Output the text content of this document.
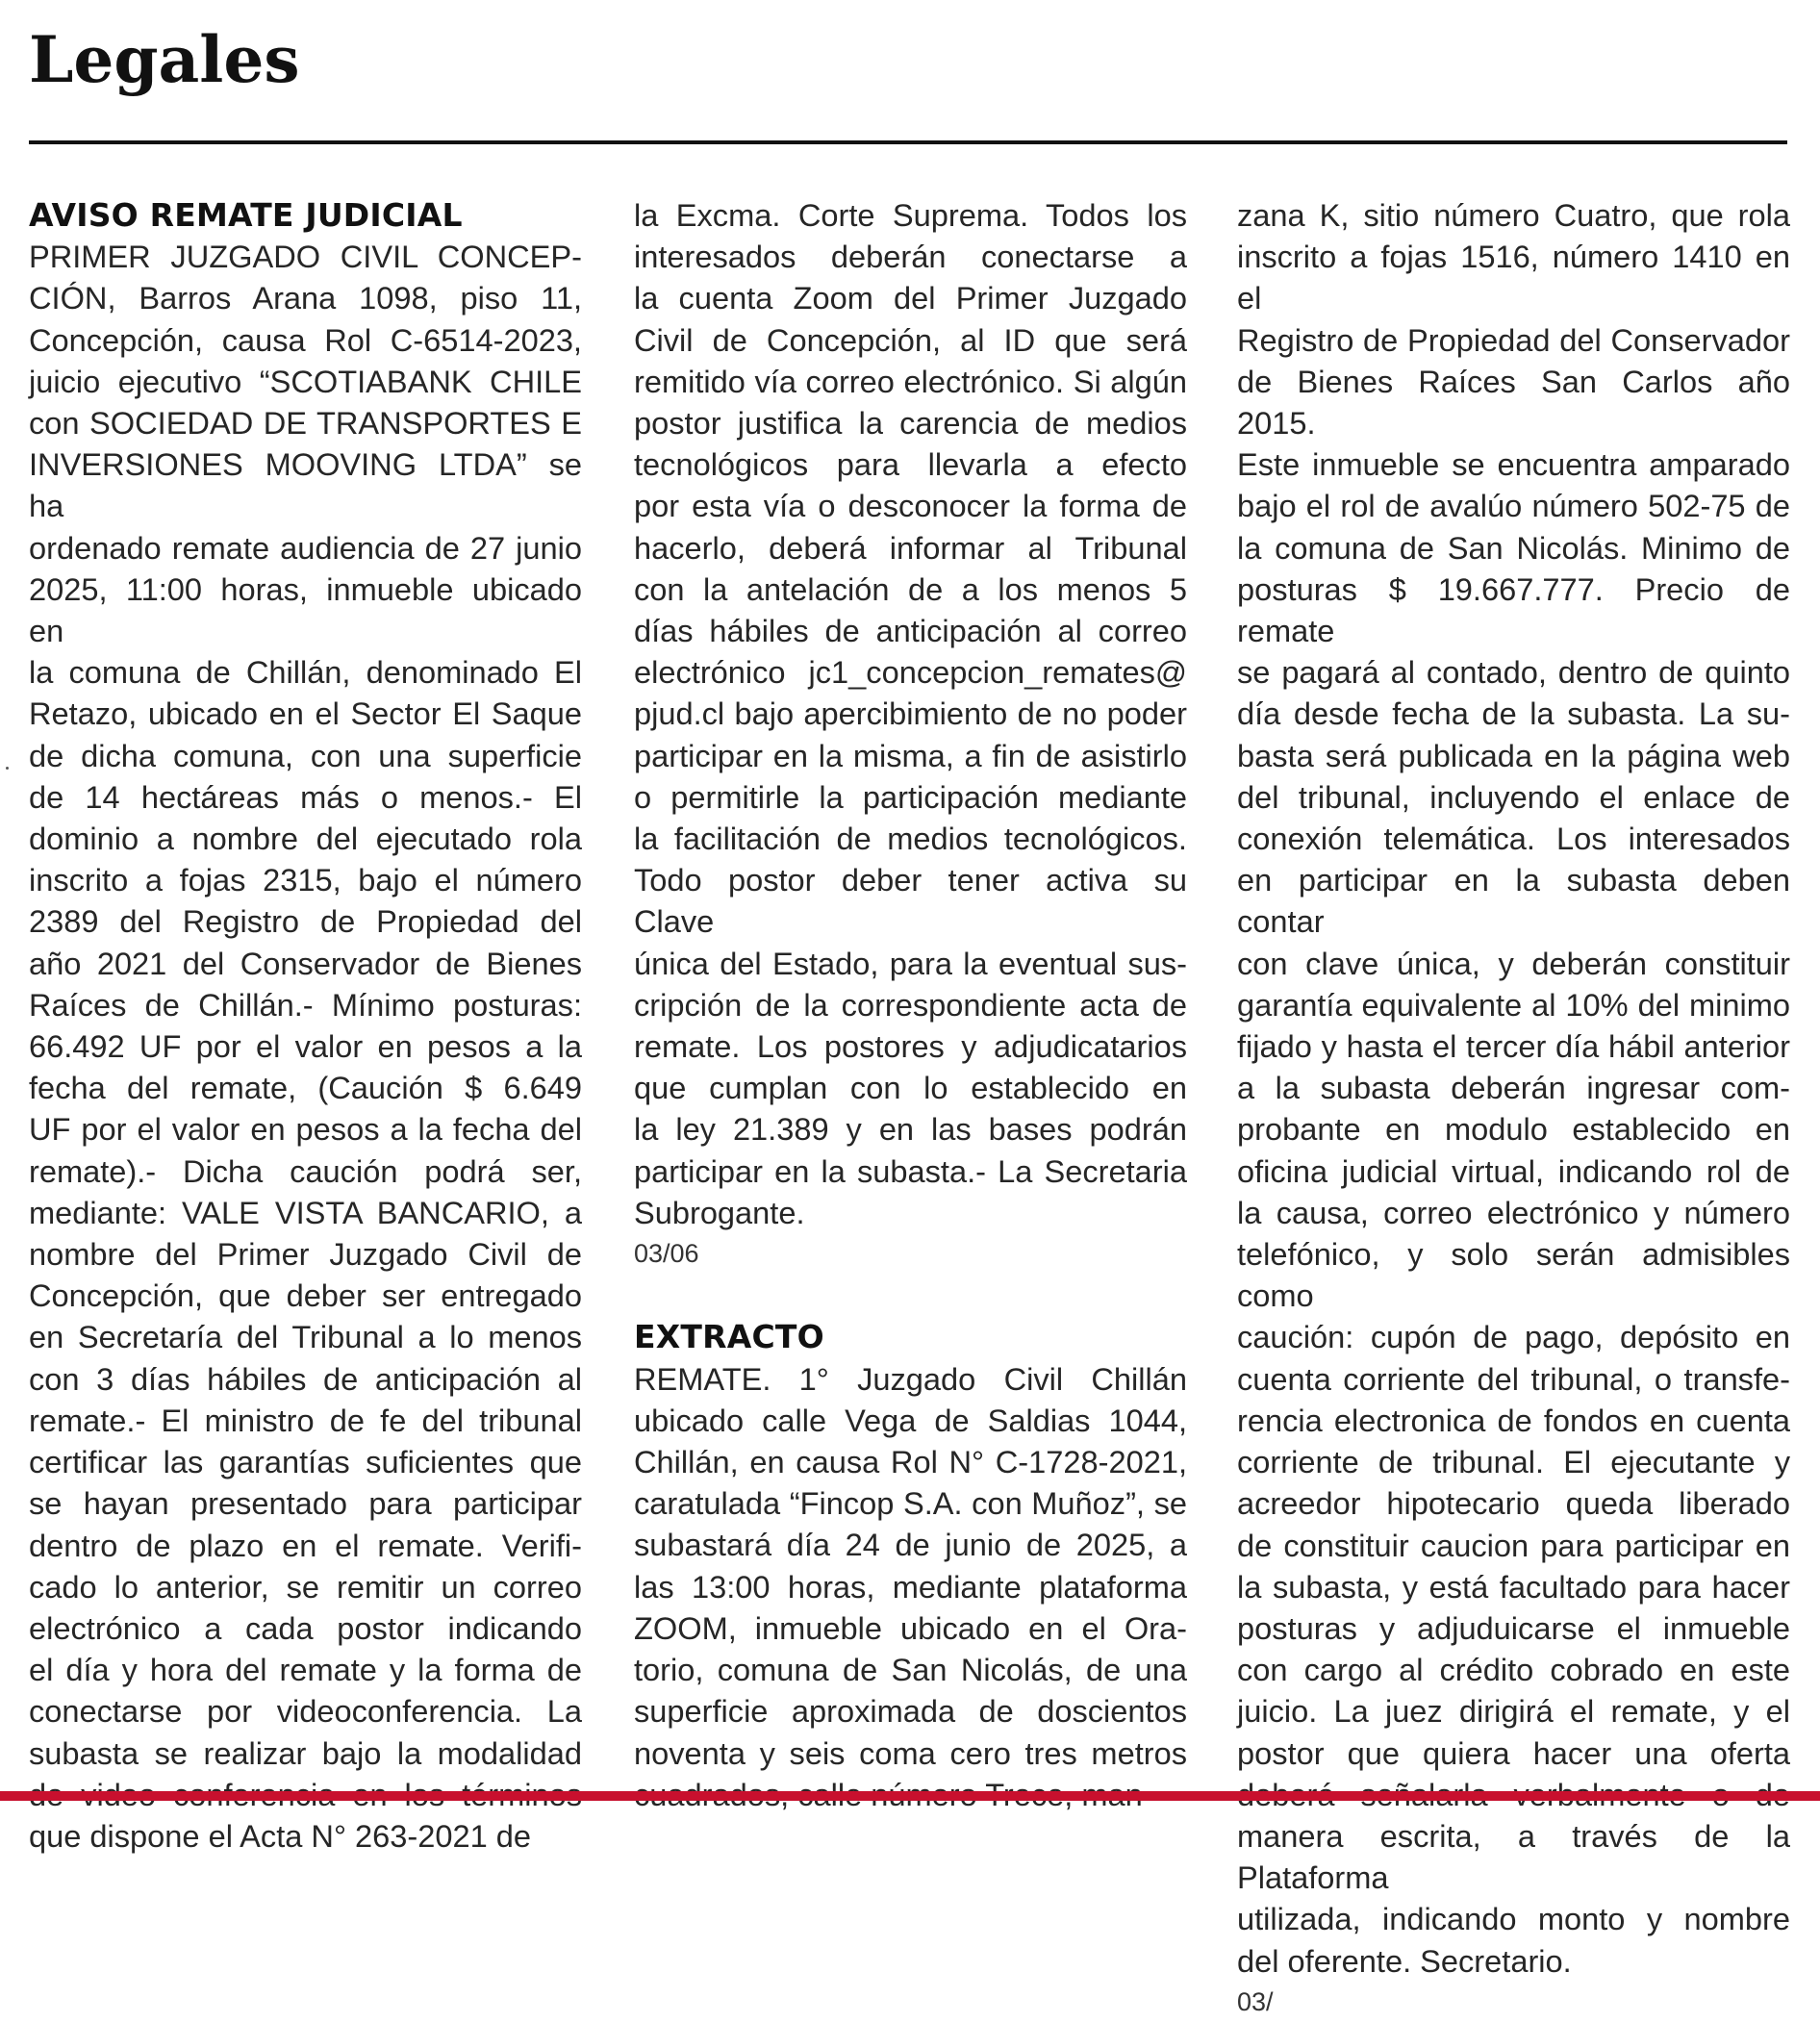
Legales
AVISO REMATE JUDICIAL
PRIMER JUZGADO CIVIL CONCEP-
CIÓN, Barros Arana 1098, piso 11,
Concepción, causa Rol C-6514-2023,
juicio ejecutivo “SCOTIABANK CHILE
con SOCIEDAD DE TRANSPORTES E
INVERSIONES MOOVING LTDA” se ha
ordenado remate audiencia de 27 junio
2025, 11:00 horas, inmueble ubicado en
la comuna de Chillán, denominado El
Retazo, ubicado en el Sector El Saque
de dicha comuna, con una superficie
de 14 hectáreas más o menos.- El
dominio a nombre del ejecutado rola
inscrito a fojas 2315, bajo el número
2389 del Registro de Propiedad del
año 2021 del Conservador de Bienes
Raíces de Chillán.- Mínimo posturas:
66.492 UF por el valor en pesos a la
fecha del remate, (Caución $ 6.649
UF por el valor en pesos a la fecha del
remate).- Dicha caución podrá ser,
mediante: VALE VISTA BANCARIO, a
nombre del Primer Juzgado Civil de
Concepción, que deber ser entregado
en Secretaría del Tribunal a lo menos
con 3 días hábiles de anticipación al
remate.- El ministro de fe del tribunal
certificar las garantías suficientes que
se hayan presentado para participar
dentro de plazo en el remate. Verifi-
cado lo anterior, se remitir un correo
electrónico a cada postor indicando
el día y hora del remate y la forma de
conectarse por videoconferencia. La
subasta se realizar bajo la modalidad
que dispone el Acta N° 263-2021 de
la Excma. Corte Suprema. Todos los
interesados deberán conectarse a
la cuenta Zoom del Primer Juzgado
Civil de Concepción, al ID que será
remitido vía correo electrónico. Si algún
postor justifica la carencia de medios
tecnológicos para llevarla a efecto
por esta vía o desconocer la forma de
hacerlo, deberá informar al Tribunal
con la antelación de a los menos 5
días hábiles de anticipación al correo
electrónico jc1_concepcion_remates@
pjud.cl bajo apercibimiento de no poder
participar en la misma, a fin de asistirlo
o permitirle la participación mediante
la facilitación de medios tecnológicos.
Todo postor deber tener activa su Clave
única del Estado, para la eventual sus-
cripción de la correspondiente acta de
remate. Los postores y adjudicatarios
que cumplan con lo establecido en
la ley 21.389 y en las bases podrán
participar en la subasta.- La Secretaria
Subrogante.
03/06
EXTRACTO
REMATE. 1° Juzgado Civil Chillán
ubicado calle Vega de Saldias 1044,
Chillán, en causa Rol N° C-1728-2021,
caratulada “Fincop S.A. con Muñoz”, se
subastará día 24 de junio de 2025, a
las 13:00 horas, mediante plataforma
ZOOM, inmueble ubicado en el Ora-
torio, comuna de San Nicolás, de una
superficie aproximada de doscientos
noventa y seis coma cero tres metros
zana K, sitio número Cuatro, que rola
inscrito a fojas 1516, número 1410 en el
Registro de Propiedad del Conservador
de Bienes Raíces San Carlos año 2015.
Este inmueble se encuentra amparado
bajo el rol de avalúo número 502-75 de
la comuna de San Nicolás. Minimo de
posturas $ 19.667.777. Precio de remate
se pagará al contado, dentro de quinto
día desde fecha de la subasta. La su-
basta será publicada en la página web
del tribunal, incluyendo el enlace de
conexión telemática. Los interesados
en participar en la subasta deben contar
con clave única, y deberán constituir
garantía equivalente al 10% del minimo
fijado y hasta el tercer día hábil anterior
a la subasta deberán ingresar com-
probante en modulo establecido en
oficina judicial virtual, indicando rol de
la causa, correo electrónico y número
telefónico, y solo serán admisibles como
caución: cupón de pago, depósito en
cuenta corriente del tribunal, o transfe-
rencia electronica de fondos en cuenta
corriente de tribunal. El ejecutante y
acreedor hipotecario queda liberado
de constituir caucion para participar en
la subasta, y está facultado para hacer
posturas y adjuduicarse el inmueble
con cargo al crédito cobrado en este
juicio. La juez dirigirá el remate, y el
postor que quiera hacer una oferta
manera escrita, a través de la Plataforma
utilizada, indicando monto y nombre
del oferente. Secretario.
03/
